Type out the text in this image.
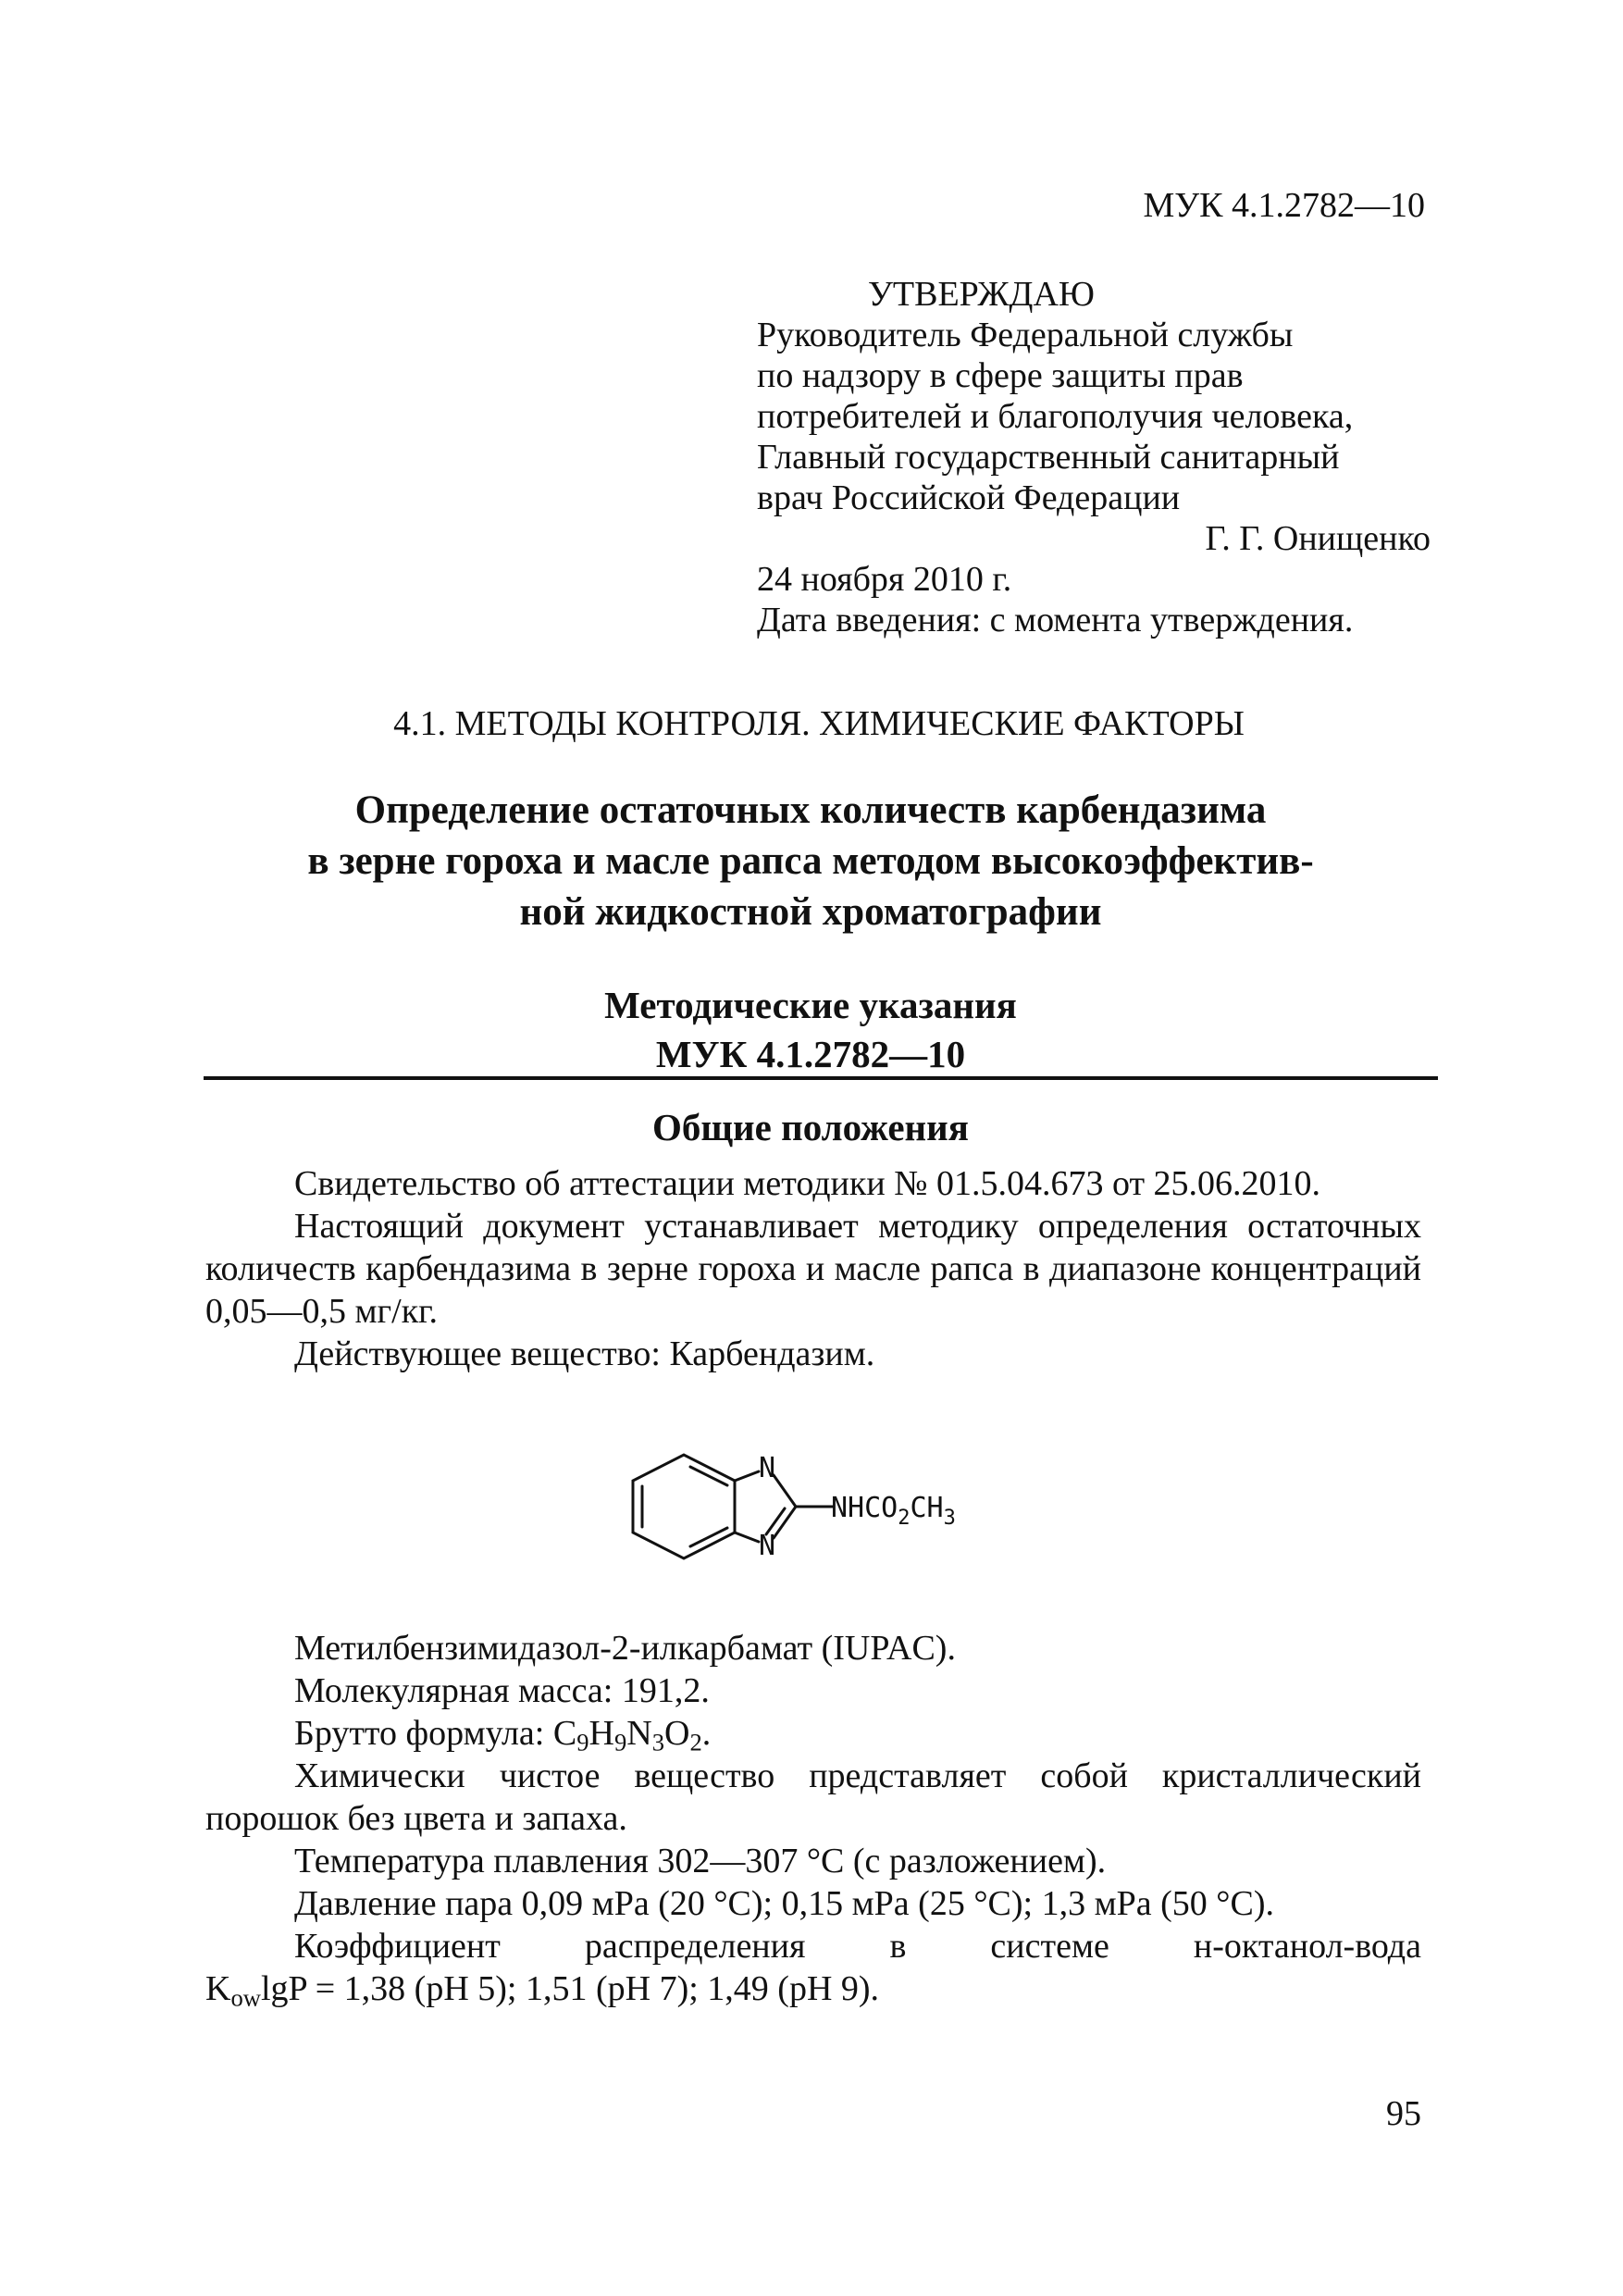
МУК 4.1.2782—10
УТВЕРЖДАЮ
Руководитель Федеральной службы
по надзору в сфере защиты прав
потребителей и благополучия человека,
Главный государственный санитарный
врач Российской Федерации
Г. Г. Онищенко
24 ноября 2010 г.
Дата введения: с момента утверждения.
4.1. МЕТОДЫ КОНТРОЛЯ. ХИМИЧЕСКИЕ ФАКТОРЫ
Определение остаточных количеств карбендазима
в зерне гороха и масле рапса методом высокоэффектив-
ной жидкостной хроматографии
Методические указания
МУК 4.1.2782—10
Общие положения

Свидетельство об аттестации методики № 01.5.04.673 от 25.06.2010.

Настоящий документ устанавливает методику определения остаточных количеств карбендазима в зерне гороха и масле рапса в диапазоне концентраций 0,05—0,5 мг/кг.

Действующее вещество: Карбендазим.

N
N
$NHCO_2CH_3$

Метилбензимидазол-2-илкарбамат (IUPAC).

Молекулярная масса: 191,2.

Брутто формула: $C_9H_9N_3O_2$.

Химически чистое вещество представляет собой кристаллический порошок без цвета и запаха.

Температура плавления 302—307 °С (с разложением).

Давление пара 0,09 мРа (20 °С); 0,15 мРа (25 °С); 1,3 мРа (50 °С).

Коэффициент распределения в системе н-октанол-вода

$K_{ow}\lg P = 1,38$ (pH 5); 1,51 (pH 7); 1,49 (pH 9).

95
